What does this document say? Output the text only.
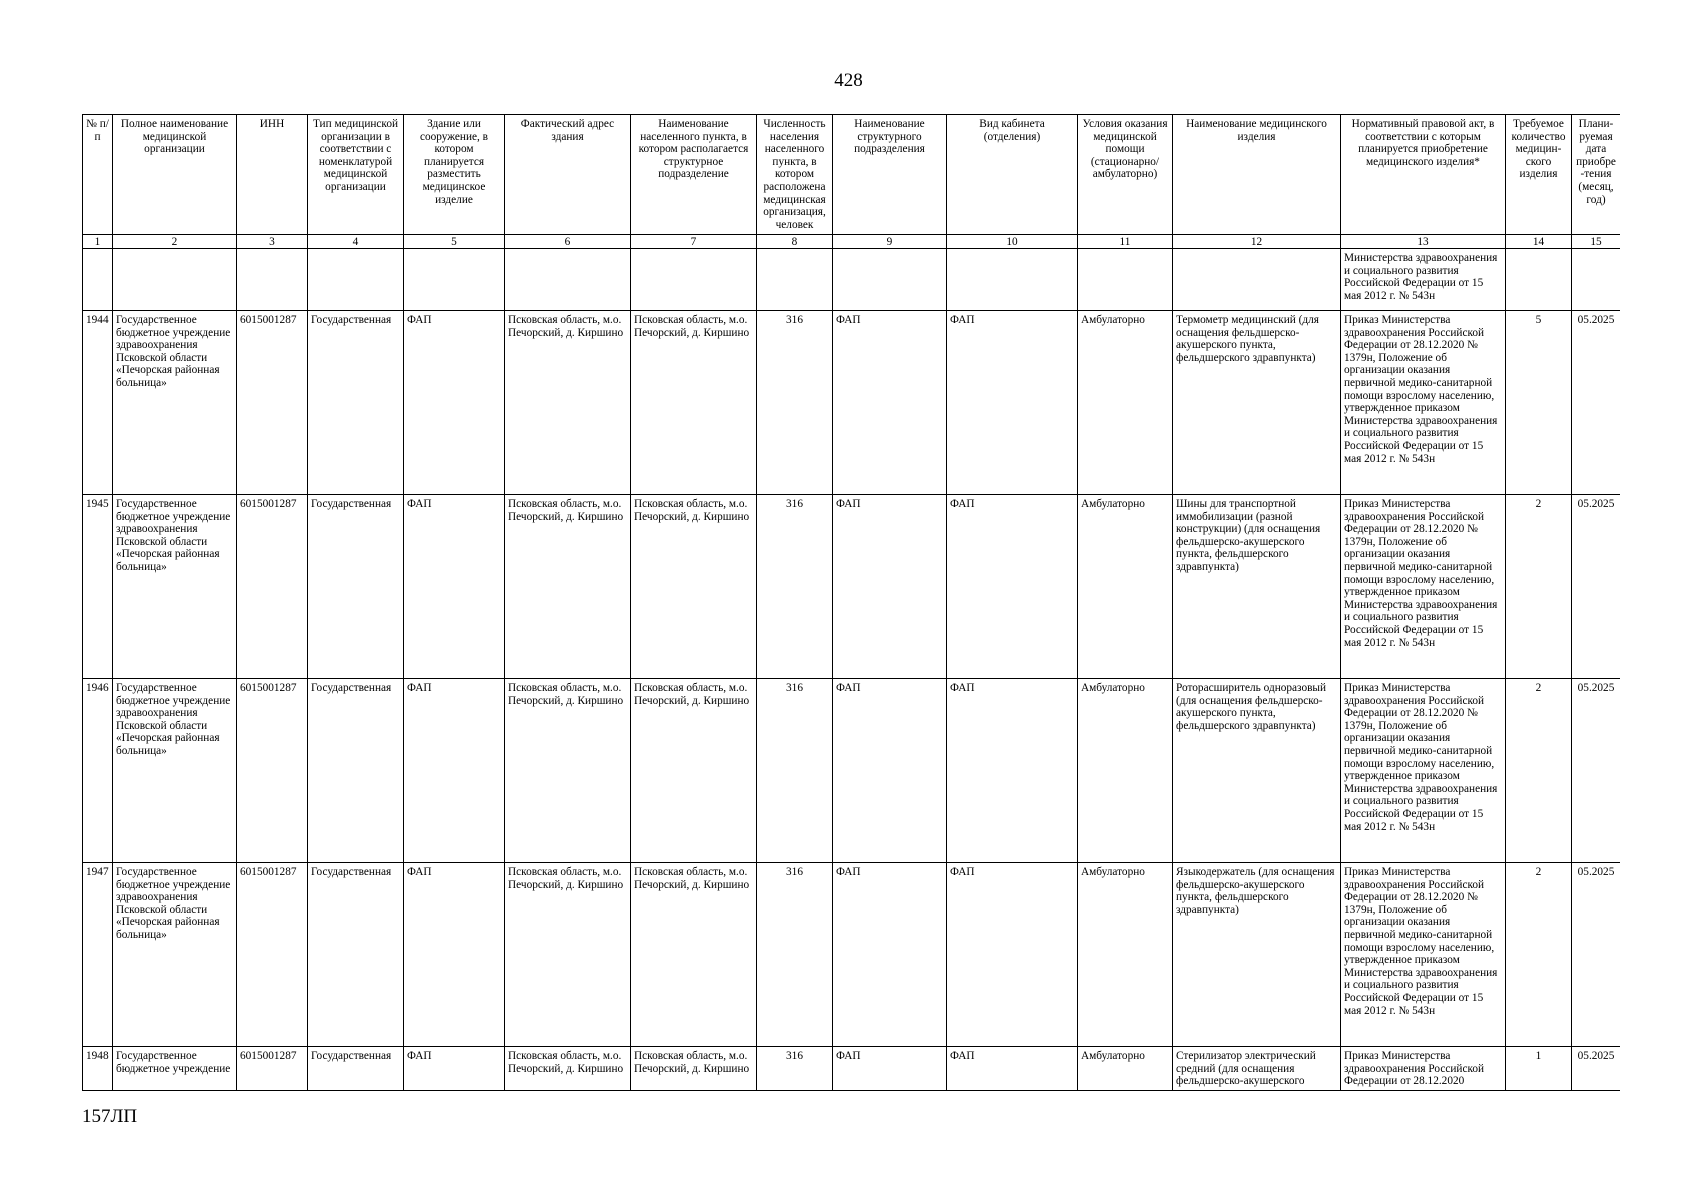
428
№ п/п	Полное наименование медицинской организации	ИНН	Тип медицинской организации в соответствии с номенклатурой медицинской организации	Здание или сооружение, в котором планируется разместить медицинское изделие	Фактический адрес здания	Наименование населенного пункта, в котором располагается структурное подразделение	Численность населения населенного пункта, в котором расположена медицинская организация, человек	Наименование структурного подразделения	Вид кабинета (отделения)	Условия оказания медицинской помощи (стационарно/ амбулаторно)	Наименование медицинского изделия	Нормативный правовой акт, в соответствии с которым планируется приобретение медицинского изделия*	Требуемое количество медицин-ского изделия	Плани-руемая дата приобре-тения (месяц, год)
1	2	3	4	5	6	7	8	9	10	11	12	13	14	15
												Министерства здравоохранения и социального развития Российской Федерации от 15 мая 2012 г. № 543н		
1944	Государственное бюджетное учреждение здравоохранения Псковской области «Печорская районная больница»	6015001287	Государственная	ФАП	Псковская область, м.о. Печорский, д. Киршино	Псковская область, м.о. Печорский, д. Киршино	316	ФАП	ФАП	Амбулаторно	Термометр медицинский (для оснащения фельдшерско-акушерского пункта, фельдшерского здравпункта)	Приказ Министерства здравоохранения Российской Федерации от 28.12.2020 № 1379н, Положение об организации оказания первичной медико-санитарной помощи взрослому населению, утвержденное приказом Министерства здравоохранения и социального развития Российской Федерации от 15 мая 2012 г. № 543н	5	05.2025
1945	Государственное бюджетное учреждение здравоохранения Псковской области «Печорская районная больница»	6015001287	Государственная	ФАП	Псковская область, м.о. Печорский, д. Киршино	Псковская область, м.о. Печорский, д. Киршино	316	ФАП	ФАП	Амбулаторно	Шины для транспортной иммобилизации (разной конструкции) (для оснащения фельдшерско-акушерского пункта, фельдшерского здравпункта)	Приказ Министерства здравоохранения Российской Федерации от 28.12.2020 № 1379н, Положение об организации оказания первичной медико-санитарной помощи взрослому населению, утвержденное приказом Министерства здравоохранения и социального развития Российской Федерации от 15 мая 2012 г. № 543н	2	05.2025
1946	Государственное бюджетное учреждение здравоохранения Псковской области «Печорская районная больница»	6015001287	Государственная	ФАП	Псковская область, м.о. Печорский, д. Киршино	Псковская область, м.о. Печорский, д. Киршино	316	ФАП	ФАП	Амбулаторно	Роторасширитель одноразовый (для оснащения фельдшерско-акушерского пункта, фельдшерского здравпункта)	Приказ Министерства здравоохранения Российской Федерации от 28.12.2020 № 1379н, Положение об организации оказания первичной медико-санитарной помощи взрослому населению, утвержденное приказом Министерства здравоохранения и социального развития Российской Федерации от 15 мая 2012 г. № 543н	2	05.2025
1947	Государственное бюджетное учреждение здравоохранения Псковской области «Печорская районная больница»	6015001287	Государственная	ФАП	Псковская область, м.о. Печорский, д. Киршино	Псковская область, м.о. Печорский, д. Киршино	316	ФАП	ФАП	Амбулаторно	Языкодержатель (для оснащения фельдшерско-акушерского пункта, фельдшерского здравпункта)	Приказ Министерства здравоохранения Российской Федерации от 28.12.2020 № 1379н, Положение об организации оказания первичной медико-санитарной помощи взрослому населению, утвержденное приказом Министерства здравоохранения и социального развития Российской Федерации от 15 мая 2012 г. № 543н	2	05.2025
1948	Государственное бюджетное учреждение	6015001287	Государственная	ФАП	Псковская область, м.о. Печорский, д. Киршино	Псковская область, м.о. Печорский, д. Киршино	316	ФАП	ФАП	Амбулаторно	Стерилизатор электрический средний (для оснащения фельдшерско-акушерского	Приказ Министерства здравоохранения Российской Федерации от 28.12.2020	1	05.2025
157ЛП
